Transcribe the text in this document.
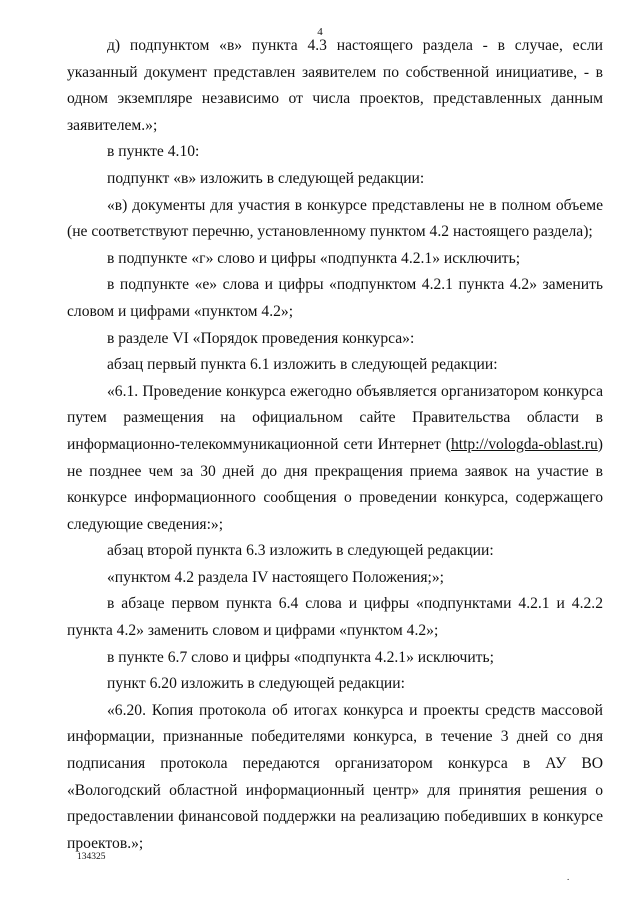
4

д) подпунктом «в» пункта 4.3 настоящего раздела - в случае, если указанный документ представлен заявителем по собственной инициативе, - в одном экземпляре независимо от числа проектов, представленных данным заявителем.»;

в пункте 4.10:

подпункт «в» изложить в следующей редакции:

«в) документы для участия в конкурсе представлены не в полном объеме (не соответствуют перечню, установленному пунктом 4.2 настоящего раздела);

в подпункте «г» слово и цифры «подпункта 4.2.1» исключить;

в подпункте «е» слова и цифры «подпунктом 4.2.1 пункта 4.2» заменить словом и цифрами «пунктом 4.2»;

в разделе VI «Порядок проведения конкурса»:

абзац первый пункта 6.1 изложить в следующей редакции:

«6.1. Проведение конкурса ежегодно объявляется организатором конкурса путем размещения на официальном сайте Правительства области в информационно-телекоммуникационной сети Интернет (http://vologda-oblast.ru) не позднее чем за 30 дней до дня прекращения приема заявок на участие в конкурсе информационного сообщения о проведении конкурса, содержащего следующие сведения:»;

абзац второй пункта 6.3 изложить в следующей редакции:

«пунктом 4.2 раздела IV настоящего Положения;»;

в абзаце первом пункта 6.4 слова и цифры «подпунктами 4.2.1 и 4.2.2 пункта 4.2» заменить словом и цифрами «пунктом 4.2»;

в пункте 6.7 слово и цифры «подпункта 4.2.1» исключить;

пункт 6.20 изложить в следующей редакции:

«6.20. Копия протокола об итогах конкурса и проекты средств массовой информации, признанные победителями конкурса, в течение 3 дней со дня подписания протокола передаются организатором конкурса в АУ ВО «Вологодский областной информационный центр» для принятия решения о предоставлении финансовой поддержки на реализацию победивших в конкурсе проектов.»;

134325
.
